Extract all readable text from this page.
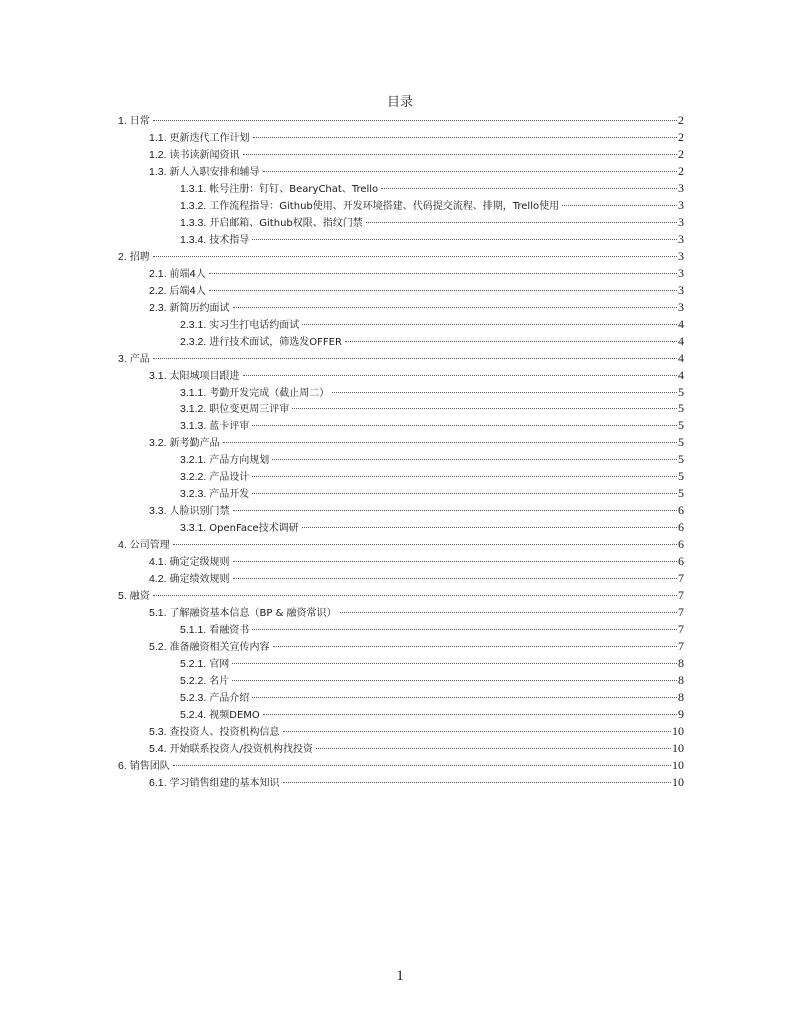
目录
1. 日常	2
1.1. 更新迭代工作计划	2
1.2. 读书读新闻资讯	2
1.3. 新人入职安排和辅导	2
1.3.1. 帐号注册：钉钉、BearyChat、Trello	3
1.3.2. 工作流程指导：Github使用、开发环境搭建、代码提交流程、排期，Trello使用	3
1.3.3. 开启邮箱、Github权限、指纹门禁	3
1.3.4. 技术指导	3
2. 招聘	3
2.1. 前端4人	3
2.2. 后端4人	3
2.3. 新简历约面试	3
2.3.1. 实习生打电话约面试	4
2.3.2. 进行技术面试，筛选发OFFER	4
3. 产品	4
3.1. 太阳城项目跟进	4
3.1.1. 考勤开发完成（截止周二）	5
3.1.2. 职位变更周三评审	5
3.1.3. 蓝卡评审	5
3.2. 新考勤产品	5
3.2.1. 产品方向规划	5
3.2.2. 产品设计	5
3.2.3. 产品开发	5
3.3. 人脸识别门禁	6
3.3.1. OpenFace技术调研	6
4. 公司管理	6
4.1. 确定定级规则	6
4.2. 确定绩效规则	7
5. 融资	7
5.1. 了解融资基本信息（BP & 融资常识）	7
5.1.1. 看融资书	7
5.2. 准备融资相关宣传内容	7
5.2.1. 官网	8
5.2.2. 名片	8
5.2.3. 产品介绍	8
5.2.4. 视频DEMO	9
5.3. 查投资人、投资机构信息	10
5.4. 开始联系投资人/投资机构找投资	10
6. 销售团队	10
6.1. 学习销售组建的基本知识	10
1
